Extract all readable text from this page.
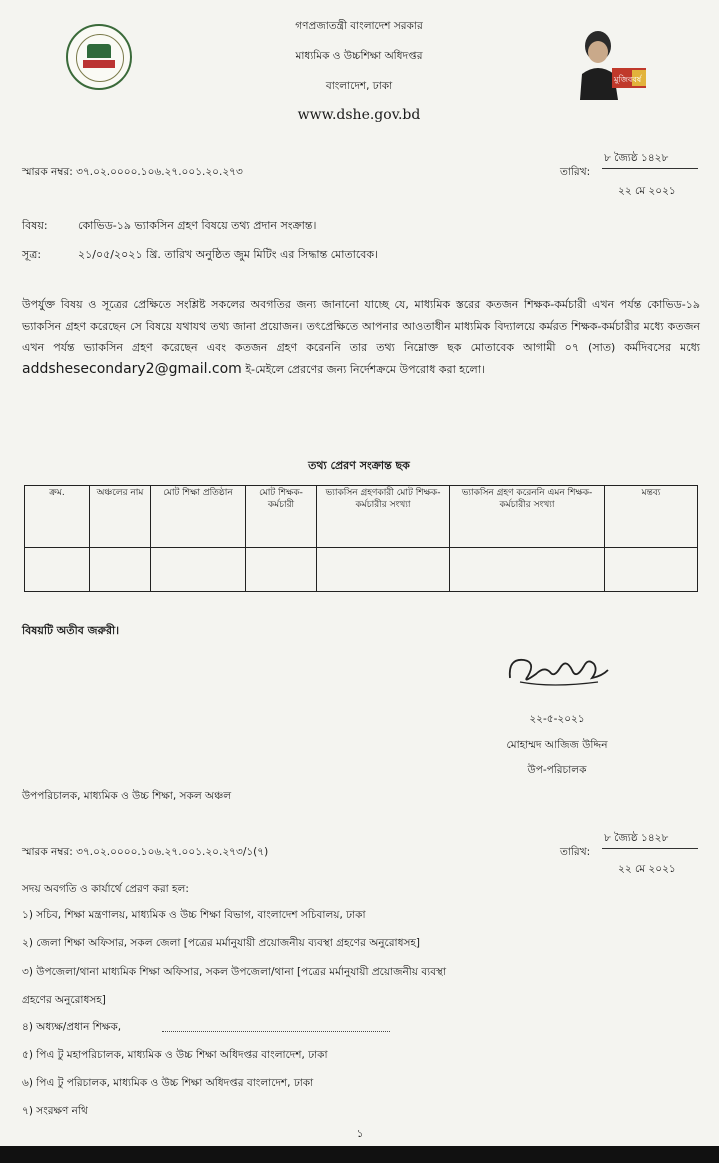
মুজিববর্ষ
গণপ্রজাতন্ত্রী বাংলাদেশ সরকার
মাধ্যমিক ও উচ্চশিক্ষা অধিদপ্তর
বাংলাদেশ, ঢাকা
www.dshe.gov.bd
স্মারক নম্বর: ৩৭.০২.০০০০.১০৬.২৭.০০১.২০.২৭৩	তারিখ:
৮ জ্যৈষ্ঠ ১৪২৮
২২ মে ২০২১
বিষয়:	কোভিড-১৯ ভ্যাকসিন গ্রহণ বিষয়ে তথ্য প্রদান সংক্রান্ত।
সূত্র:	২১/০৫/২০২১ খ্রি. তারিখ অনুষ্ঠিত জুম মিটিং এর সিদ্ধান্ত মোতাবেক।
উপর্যুক্ত বিষয় ও সূত্রের প্রেক্ষিতে সংশ্লিষ্ট সকলের অবগতির জন্য জানানো যাচ্ছে যে, মাধ্যমিক স্তরের কতজন শিক্ষক-কর্মচারী এখন পর্যন্ত কোভিড-১৯ ভ্যাকসিন গ্রহণ করেছেন সে বিষয়ে যথাযথ তথ্য জানা প্রয়োজন। তৎপ্রেক্ষিতে আপনার আওতাধীন মাধ্যমিক বিদ্যালয়ে কর্মরত শিক্ষক-কর্মচারীর মধ্যে কতজন এখন পর্যন্ত ভ্যাকসিন গ্রহণ করেছেন এবং কতজন গ্রহণ করেননি তার তথ্য নিম্নোক্ত ছক মোতাবেক আগামী ০৭ (সাত) কর্মদিবসের মধ্যে addshesecondary2@gmail.com ই-মেইলে প্রেরণের জন্য নির্দেশক্রমে উপরোধ করা হলো।
তথ্য প্রেরণ সংক্রান্ত ছক
ক্রম.	অঞ্চলের নাম	মোট শিক্ষা প্রতিষ্ঠান	মোট শিক্ষক-কর্মচারী	ভ্যাকসিন গ্রহণকারী মোট শিক্ষক-কর্মচারীর সংখ্যা	ভ্যাকসিন গ্রহণ করেননি এমন শিক্ষক-কর্মচারীর সংখ্যা	মন্তব্য

বিষয়টি অতীব জরুরী।
২২-৫-২০২১
মোহাম্মদ আজিজ উদ্দিন
উপ-পরিচালক
উপপরিচালক, মাধ্যমিক ও উচ্চ শিক্ষা, সকল অঞ্চল
স্মারক নম্বর: ৩৭.০২.০০০০.১০৬.২৭.০০১.২০.২৭৩/১(৭)	তারিখ:
৮ জ্যৈষ্ঠ ১৪২৮
২২ মে ২০২১
সদয় অবগতি ও কার্যার্থে প্রেরণ করা হল:
১) সচিব, শিক্ষা মন্ত্রণালয়, মাধ্যমিক ও উচ্চ শিক্ষা বিভাগ, বাংলাদেশ সচিবালয়, ঢাকা
২) জেলা শিক্ষা অফিসার, সকল জেলা [পত্রের মর্মানুযায়ী প্রয়োজনীয় ব্যবস্থা গ্রহণের অনুরোধসহ]
৩) উপজেলা/থানা মাধ্যমিক শিক্ষা অফিসার, সকল উপজেলা/থানা [পত্রের মর্মানুযায়ী প্রয়োজনীয় ব্যবস্থা
গ্রহণের অনুরোধসহ]
৪) অধ্যক্ষ/প্রধান শিক্ষক,
৫) পিএ টু মহাপরিচালক, মাধ্যমিক ও উচ্চ শিক্ষা অধিদপ্তর বাংলাদেশ, ঢাকা
৬) পিএ টু পরিচালক, মাধ্যমিক ও উচ্চ শিক্ষা অধিদপ্তর বাংলাদেশ, ঢাকা
৭) সংরক্ষণ নথি
১
